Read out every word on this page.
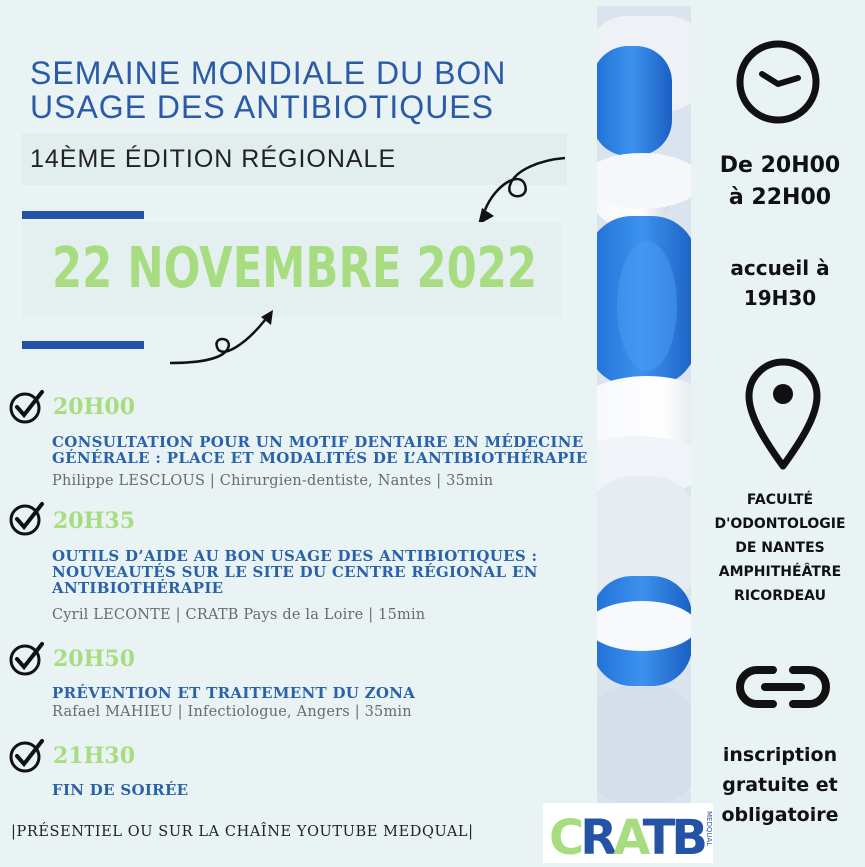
SEMAINE MONDIALE DU BON
USAGE DES ANTIBIOTIQUES
14ÈME ÉDITION RÉGIONALE
22 NOVEMBRE 2022
20H00
CONSULTATION POUR UN MOTIF DENTAIRE EN MÉDECINE
GÉNÉRALE : PLACE ET MODALITÉS DE L’ANTIBIOTHÉRAPIE
Philippe LESCLOUS | Chirurgien-dentiste, Nantes | 35min
20H35
OUTILS D’AIDE AU BON USAGE DES ANTIBIOTIQUES :
NOUVEAUTÉS SUR LE SITE DU CENTRE RÉGIONAL EN
ANTIBIOTHÉRAPIE
Cyril LECONTE | CRATB Pays de la Loire | 15min
20H50
PRÉVENTION ET TRAITEMENT DU ZONA
Rafael MAHIEU | Infectiologue, Angers | 35min
21H30
FIN DE SOIRÉE
|PRÉSENTIEL OU SUR LA CHAÎNE YOUTUBE MEDQUAL| CRATB MEDQUAL
De 20H00
à 22H00
accueil à
19H30
FACULTÉ
D'ODONTOLOGIE
DE NANTES
AMPHITHÉÂTRE
RICORDEAU
inscription
gratuite et
obligatoire
